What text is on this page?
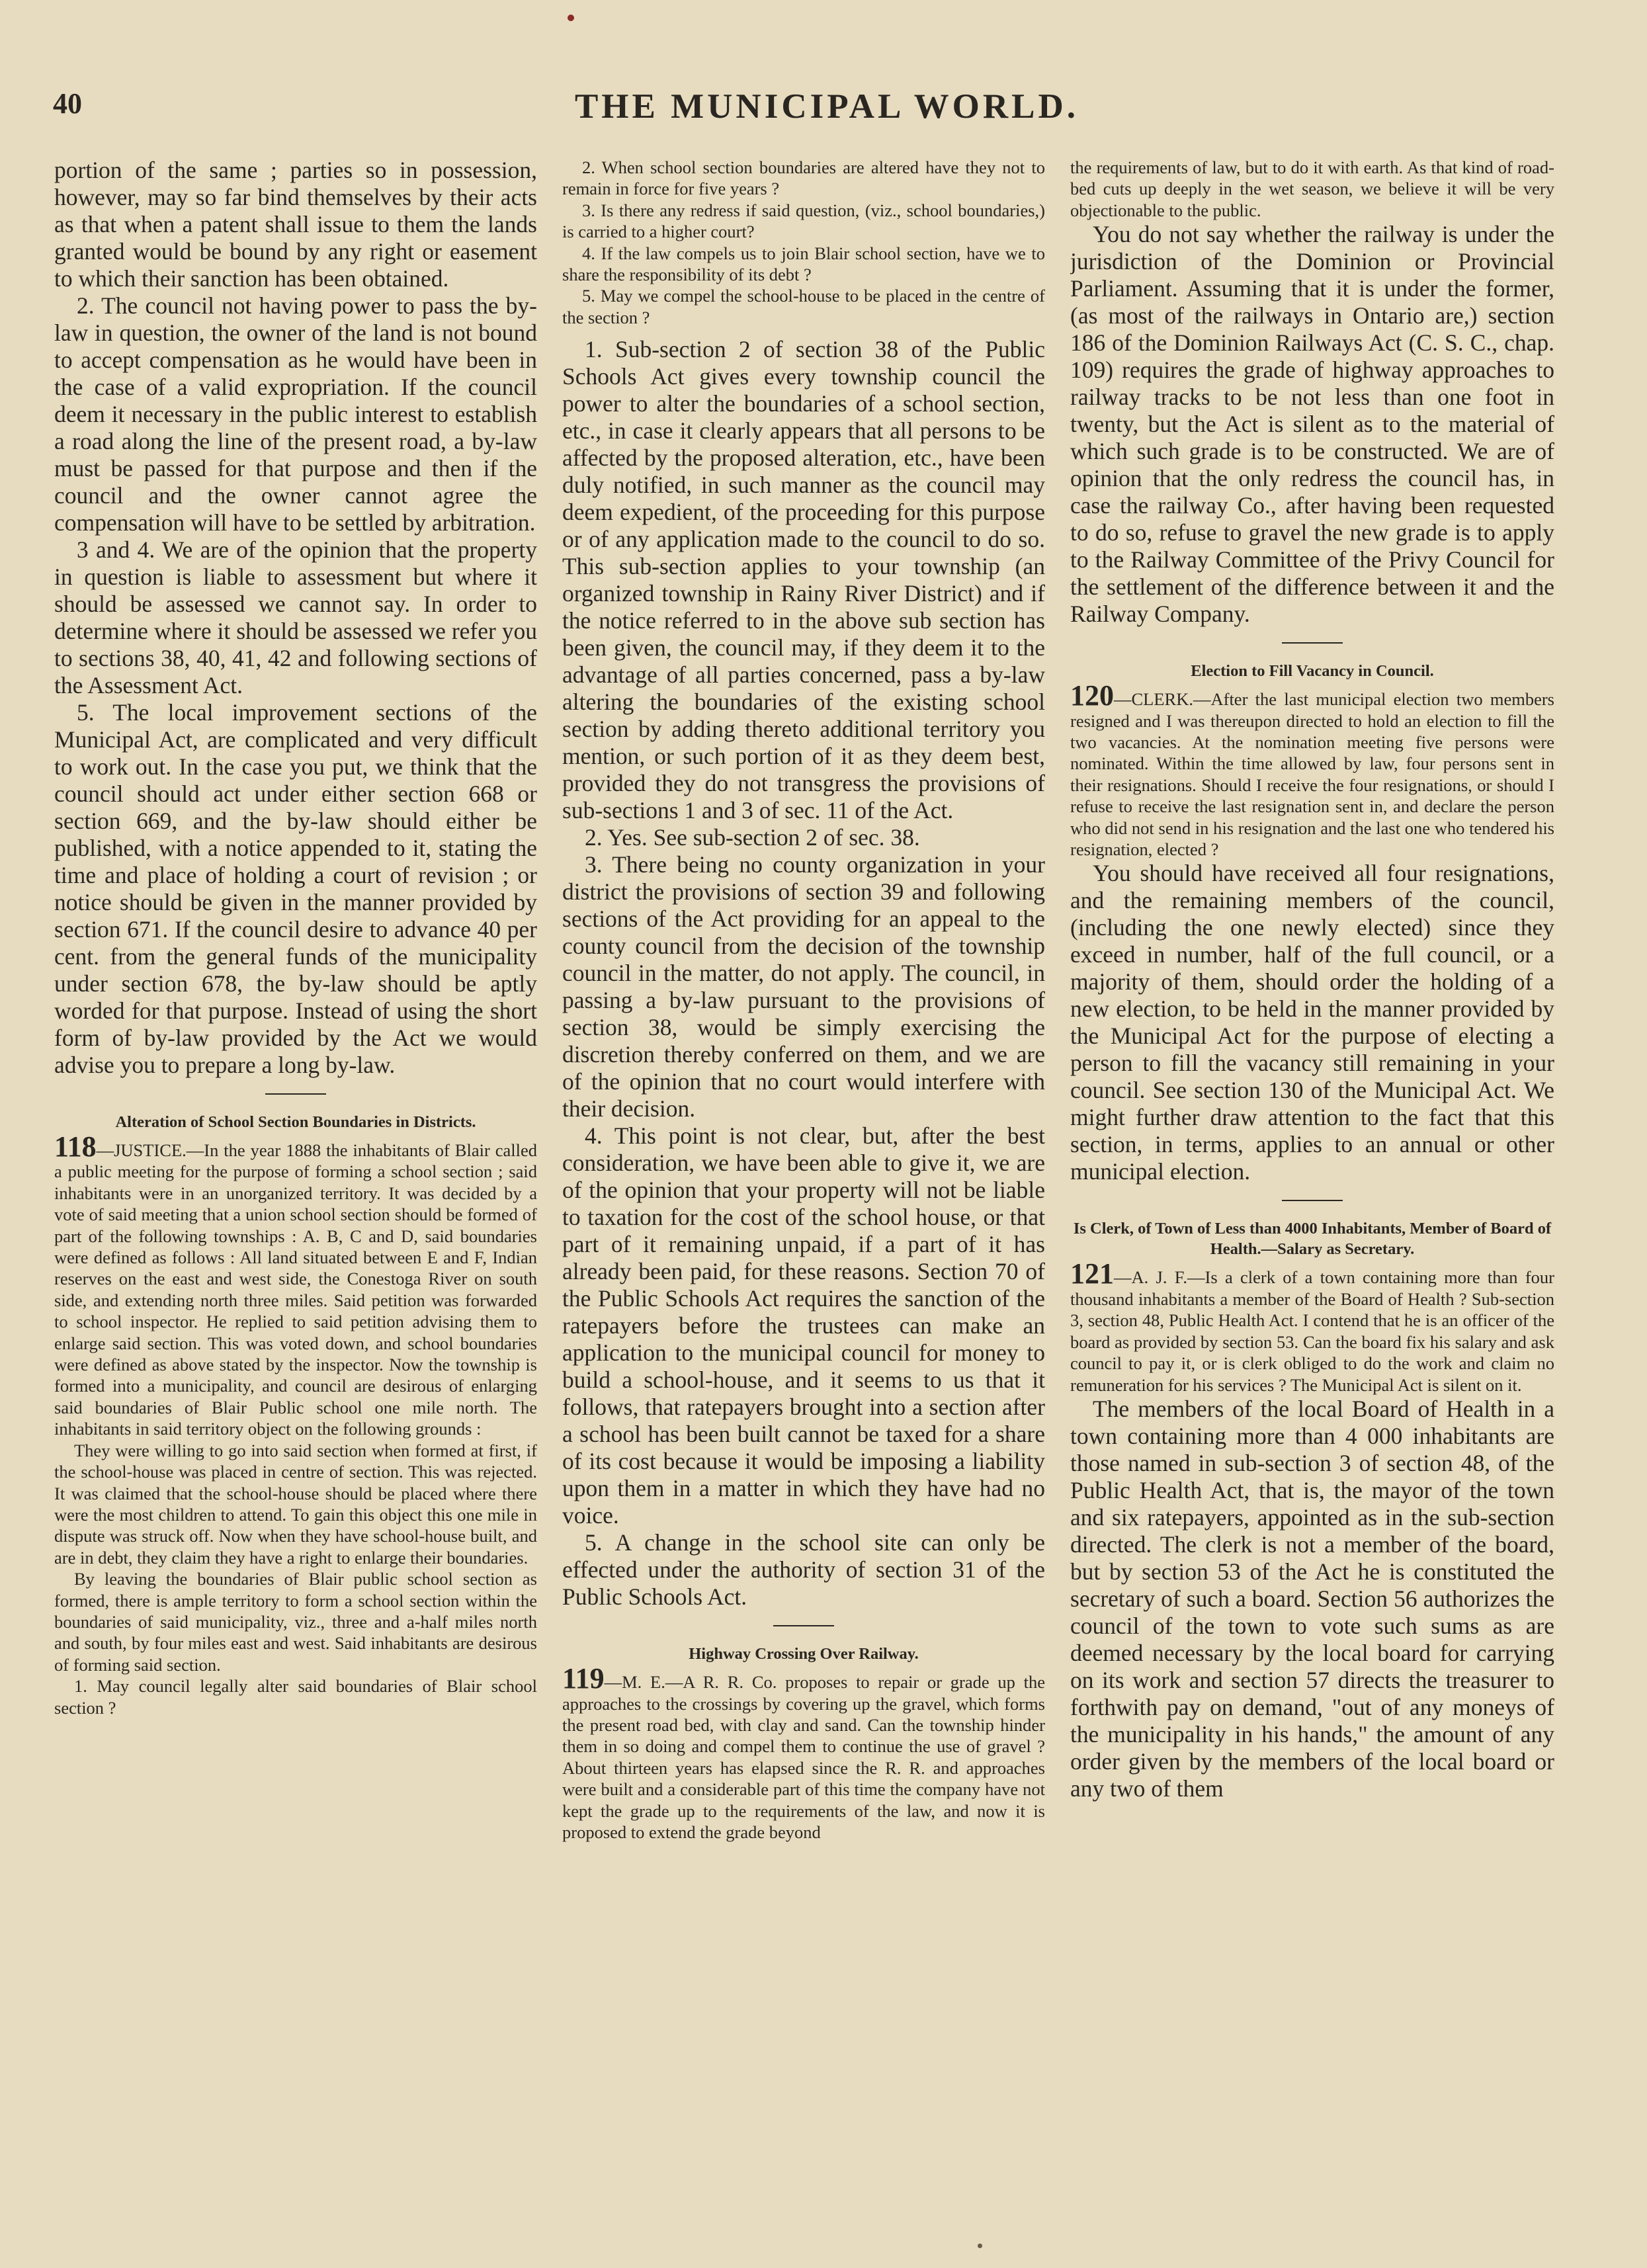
40	THE MUNICIPAL WORLD.

portion of the same ; parties so in possession, however, may so far bind themselves by their acts as that when a patent shall issue to them the lands granted would be bound by any right or easement to which their sanction has been obtained.

2. The council not having power to pass the by-law in question, the owner of the land is not bound to accept compensation as he would have been in the case of a valid expropriation. If the council deem it necessary in the public interest to establish a road along the line of the present road, a by-law must be passed for that purpose and then if the council and the owner cannot agree the compensation will have to be settled by arbitration.

3 and 4. We are of the opinion that the property in question is liable to assessment but where it should be assessed we cannot say. In order to determine where it should be assessed we refer you to sections 38, 40, 41, 42 and following sections of the Assessment Act.

5. The local improvement sections of the Municipal Act, are complicated and very difficult to work out. In the case you put, we think that the council should act under either section 668 or section 669, and the by-law should either be published, with a notice appended to it, stating the time and place of holding a court of revision ; or notice should be given in the manner provided by section 671. If the council desire to advance 40 per cent. from the general funds of the municipality under section 678, the by-law should be aptly worded for that purpose. Instead of using the short form of by-law provided by the Act we would advise you to prepare a long by-law.

Alteration of School Section Boundaries in Districts.

118—JUSTICE.—In the year 1888 the inhabitants of Blair called a public meeting for the purpose of forming a school section ; said inhabitants were in an unorganized territory. It was decided by a vote of said meeting that a union school section should be formed of part of the following townships : A. B, C and D, said boundaries were defined as follows : All land situated between E and F, Indian reserves on the east and west side, the Conestoga River on south side, and extending north three miles. Said petition was forwarded to school inspector. He replied to said petition advising them to enlarge said section. This was voted down, and school boundaries were defined as above stated by the inspector. Now the township is formed into a municipality, and council are desirous of enlarging said boundaries of Blair Public school one mile north. The inhabitants in said territory object on the following grounds :

They were willing to go into said section when formed at first, if the school-house was placed in centre of section. This was rejected. It was claimed that the school-house should be placed where there were the most children to attend. To gain this object this one mile in dispute was struck off. Now when they have school-house built, and are in debt, they claim they have a right to enlarge their boundaries.

By leaving the boundaries of Blair public school section as formed, there is ample territory to form a school section within the boundaries of said municipality, viz., three and a-half miles north and south, by four miles east and west. Said inhabitants are desirous of forming said section.

1. May council legally alter said boundaries of Blair school section ?

2. When school section boundaries are altered have they not to remain in force for five years ?

3. Is there any redress if said question, (viz., school boundaries,) is carried to a higher court?

4. If the law compels us to join Blair school section, have we to share the responsibility of its debt ?

5. May we compel the school-house to be placed in the centre of the section ?

1. Sub-section 2 of section 38 of the Public Schools Act gives every township council the power to alter the boundaries of a school section, etc., in case it clearly appears that all persons to be affected by the proposed alteration, etc., have been duly notified, in such manner as the council may deem expedient, of the proceeding for this purpose or of any application made to the council to do so. This sub-section applies to your township (an organized township in Rainy River District) and if the notice referred to in the above sub section has been given, the council may, if they deem it to the advantage of all parties concerned, pass a by-law altering the boundaries of the existing school section by adding thereto additional territory you mention, or such portion of it as they deem best, provided they do not transgress the provisions of sub-sections 1 and 3 of sec. 11 of the Act.

2. Yes. See sub-section 2 of sec. 38.

3. There being no county organization in your district the provisions of section 39 and following sections of the Act providing for an appeal to the county council from the decision of the township council in the matter, do not apply. The council, in passing a by-law pursuant to the provisions of section 38, would be simply exercising the discretion thereby conferred on them, and we are of the opinion that no court would interfere with their decision.

4. This point is not clear, but, after the best consideration, we have been able to give it, we are of the opinion that your property will not be liable to taxation for the cost of the school house, or that part of it remaining unpaid, if a part of it has already been paid, for these reasons. Section 70 of the Public Schools Act requires the sanction of the ratepayers before the trustees can make an application to the municipal council for money to build a school-house, and it seems to us that it follows, that ratepayers brought into a section after a school has been built cannot be taxed for a share of its cost because it would be imposing a liability upon them in a matter in which they have had no voice.

5. A change in the school site can only be effected under the authority of section 31 of the Public Schools Act.

Highway Crossing Over Railway.

119—M. E.—A R. R. Co. proposes to repair or grade up the approaches to the crossings by covering up the gravel, which forms the present road bed, with clay and sand. Can the township hinder them in so doing and compel them to continue the use of gravel ? About thirteen years has elapsed since the R. R. and approaches were built and a considerable part of this time the company have not kept the grade up to the requirements of the law, and now it is proposed to extend the grade beyond

the requirements of law, but to do it with earth. As that kind of road-bed cuts up deeply in the wet season, we believe it will be very objectionable to the public.

You do not say whether the railway is under the jurisdiction of the Dominion or Provincial Parliament. Assuming that it is under the former, (as most of the railways in Ontario are,) section 186 of the Dominion Railways Act (C. S. C., chap. 109) requires the grade of highway approaches to railway tracks to be not less than one foot in twenty, but the Act is silent as to the material of which such grade is to be constructed. We are of opinion that the only redress the council has, in case the railway Co., after having been requested to do so, refuse to gravel the new grade is to apply to the Railway Committee of the Privy Council for the settlement of the difference between it and the Railway Company.

Election to Fill Vacancy in Council.

120—CLERK.—After the last municipal election two members resigned and I was thereupon directed to hold an election to fill the two vacancies. At the nomination meeting five persons were nominated. Within the time allowed by law, four persons sent in their resignations. Should I receive the four resignations, or should I refuse to receive the last resignation sent in, and declare the person who did not send in his resignation and the last one who tendered his resignation, elected ?

You should have received all four resignations, and the remaining members of the council, (including the one newly elected) since they exceed in number, half of the full council, or a majority of them, should order the holding of a new election, to be held in the manner provided by the Municipal Act for the purpose of electing a person to fill the vacancy still remaining in your council. See section 130 of the Municipal Act. We might further draw attention to the fact that this section, in terms, applies to an annual or other municipal election.

Is Clerk, of Town of Less than 4000 Inhabitants, Member of Board of Health.—Salary as Secretary.

121—A. J. F.—Is a clerk of a town containing more than four thousand inhabitants a member of the Board of Health ? Sub-section 3, section 48, Public Health Act. I contend that he is an officer of the board as provided by section 53. Can the board fix his salary and ask council to pay it, or is clerk obliged to do the work and claim no remuneration for his services ? The Municipal Act is silent on it.

The members of the local Board of Health in a town containing more than 4 000 inhabitants are those named in sub-section 3 of section 48, of the Public Health Act, that is, the mayor of the town and six ratepayers, appointed as in the sub-section directed. The clerk is not a member of the board, but by section 53 of the Act he is constituted the secretary of such a board. Section 56 authorizes the council of the town to vote such sums as are deemed necessary by the local board for carrying on its work and section 57 directs the treasurer to forthwith pay on demand, "out of any moneys of the municipality in his hands," the amount of any order given by the members of the local board or any two of them
